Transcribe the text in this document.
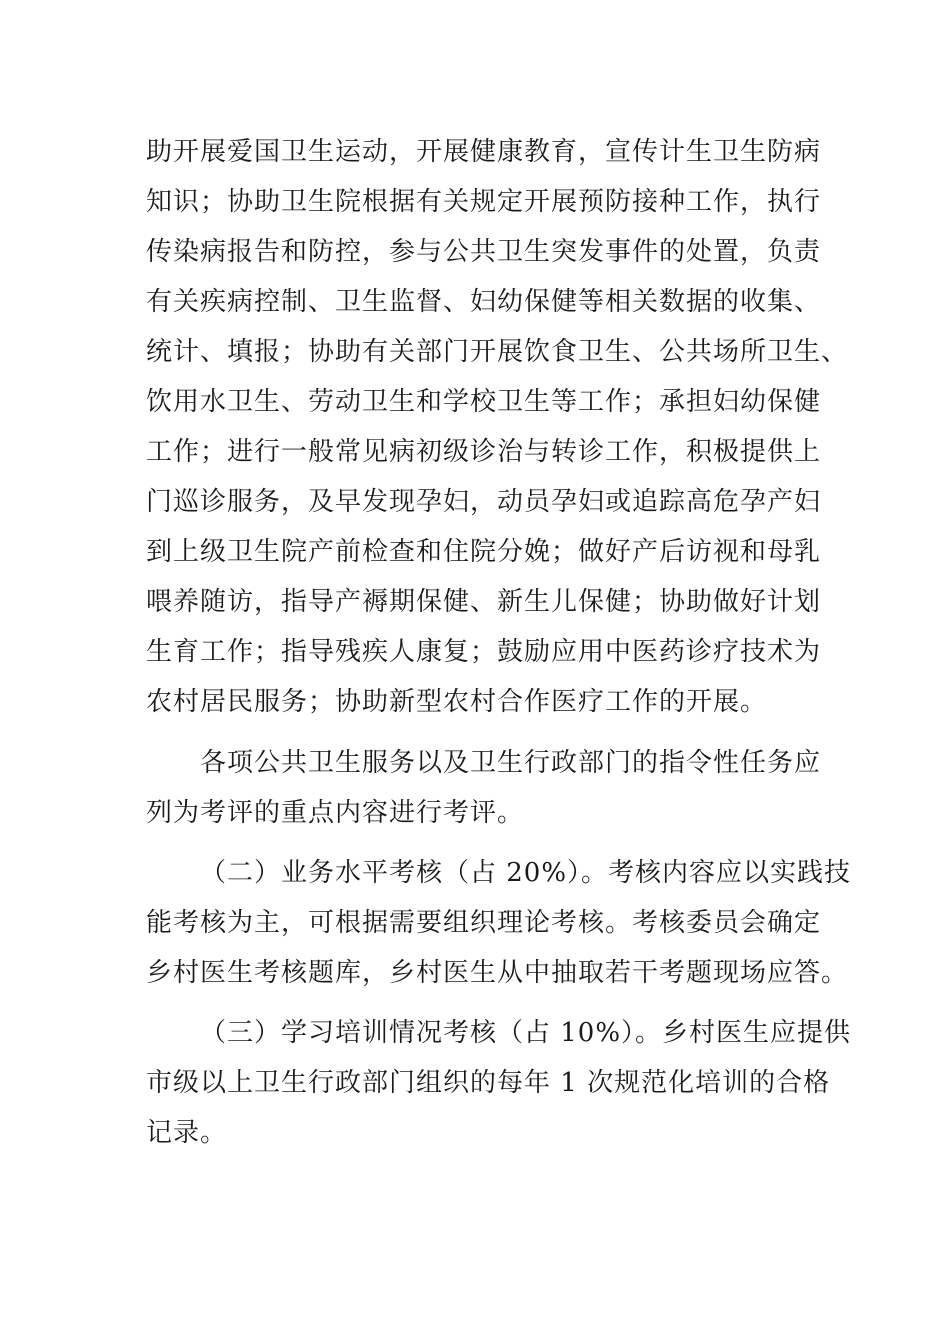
助开展爱国卫生运动，开展健康教育，宣传计生卫生防病
知识；协助卫生院根据有关规定开展预防接种工作，执行
传染病报告和防控，参与公共卫生突发事件的处置，负责
有关疾病控制、卫生监督、妇幼保健等相关数据的收集、
统计、填报；协助有关部门开展饮食卫生、公共场所卫生、
饮用水卫生、劳动卫生和学校卫生等工作；承担妇幼保健
工作；进行一般常见病初级诊治与转诊工作，积极提供上
门巡诊服务，及早发现孕妇，动员孕妇或追踪高危孕产妇
到上级卫生院产前检查和住院分娩；做好产后访视和母乳
喂养随访，指导产褥期保健、新生儿保健；协助做好计划
生育工作；指导残疾人康复；鼓励应用中医药诊疗技术为
农村居民服务；协助新型农村合作医疗工作的开展。
各项公共卫生服务以及卫生行政部门的指令性任务应
列为考评的重点内容进行考评。
（二）业务水平考核（占 20%）。考核内容应以实践技
能考核为主，可根据需要组织理论考核。考核委员会确定
乡村医生考核题库，乡村医生从中抽取若干考题现场应答。
（三）学习培训情况考核（占 10%）。乡村医生应提供
市级以上卫生行政部门组织的每年 1 次规范化培训的合格
记录。
